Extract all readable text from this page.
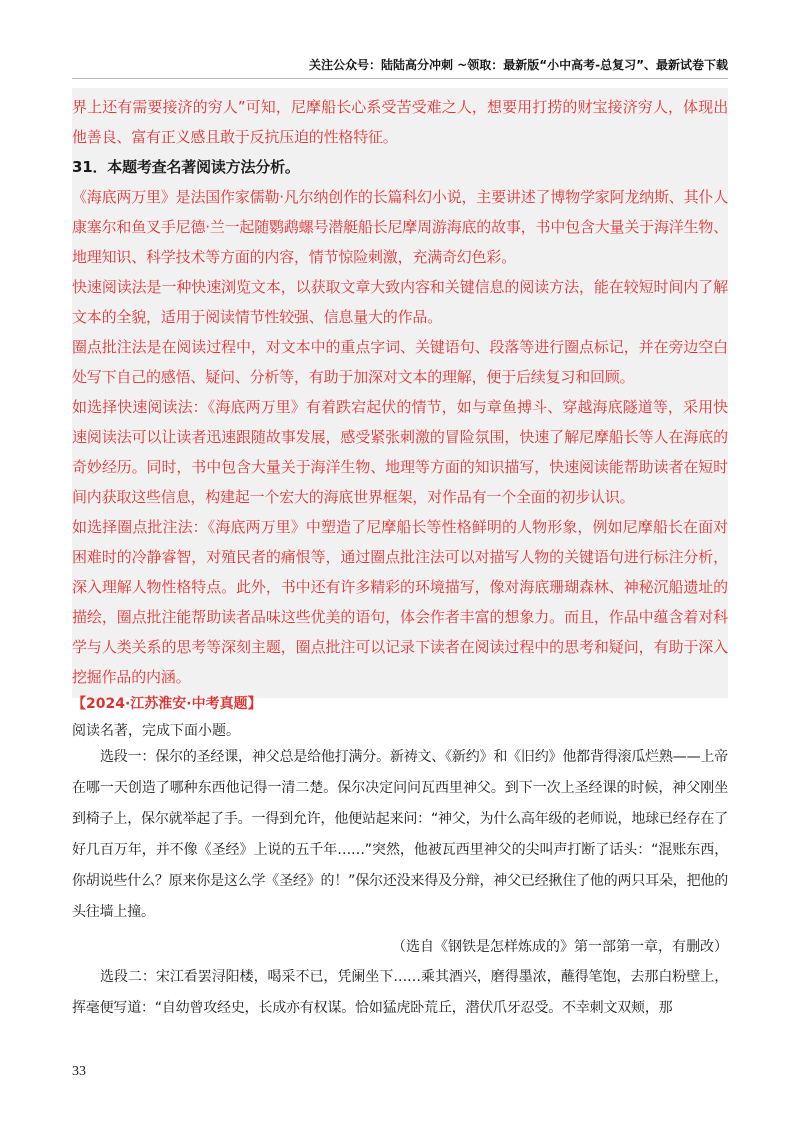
关注公众号：陆陆高分冲刺 ~领取：最新版“小中高考-总复习”、最新试卷下载

界上还有需要接济的穷人”可知，尼摩船长心系受苦受难之人，想要用打捞的财宝接济穷人，体现出他善良、富有正义感且敢于反抗压迫的性格特征。

31．本题考查名著阅读方法分析。

《海底两万里》是法国作家儒勒·凡尔纳创作的长篇科幻小说，主要讲述了博物学家阿龙纳斯、其仆人康塞尔和鱼叉手尼德·兰一起随鹦鹉螺号潜艇船长尼摩周游海底的故事，书中包含大量关于海洋生物、地理知识、科学技术等方面的内容，情节惊险刺激，充满奇幻色彩。

快速阅读法是一种快速浏览文本，以获取文章大致内容和关键信息的阅读方法，能在较短时间内了解文本的全貌，适用于阅读情节性较强、信息量大的作品。

圈点批注法是在阅读过程中，对文本中的重点字词、关键语句、段落等进行圈点标记，并在旁边空白处写下自己的感悟、疑问、分析等，有助于加深对文本的理解，便于后续复习和回顾。

如选择快速阅读法：《海底两万里》有着跌宕起伏的情节，如与章鱼搏斗、穿越海底隧道等，采用快速阅读法可以让读者迅速跟随故事发展，感受紧张刺激的冒险氛围，快速了解尼摩船长等人在海底的奇妙经历。同时，书中包含大量关于海洋生物、地理等方面的知识描写，快速阅读能帮助读者在短时间内获取这些信息，构建起一个宏大的海底世界框架，对作品有一个全面的初步认识。

如选择圈点批注法：《海底两万里》中塑造了尼摩船长等性格鲜明的人物形象，例如尼摩船长在面对困难时的冷静睿智，对殖民者的痛恨等，通过圈点批注法可以对描写人物的关键语句进行标注分析，深入理解人物性格特点。此外，书中还有许多精彩的环境描写，像对海底珊瑚森林、神秘沉船遗址的描绘，圈点批注能帮助读者品味这些优美的语句，体会作者丰富的想象力。而且，作品中蕴含着对科学与人类关系的思考等深刻主题，圈点批注可以记录下读者在阅读过程中的思考和疑问，有助于深入挖掘作品的内涵。

【2024·江苏淮安·中考真题】
阅读名著，完成下面小题。
选段一：保尔的圣经课，神父总是给他打满分。新祷文、《新约》和《旧约》他都背得滚瓜烂熟——上帝在哪一天创造了哪种东西他记得一清二楚。保尔决定问问瓦西里神父。到下一次上圣经课的时候，神父刚坐到椅子上，保尔就举起了手。一得到允许，他便站起来问：“神父，为什么高年级的老师说，地球已经存在了好几百万年，并不像《圣经》上说的五千年……”突然，他被瓦西里神父的尖叫声打断了话头：“混账东西，你胡说些什么？原来你是这么学《圣经》的！”保尔还没来得及分辩，神父已经揪住了他的两只耳朵，把他的头往墙上撞。
（选自《钢铁是怎样炼成的》第一部第一章，有删改）
选段二：宋江看罢浔阳楼，喝采不已，凭阑坐下……乘其酒兴，磨得墨浓，蘸得笔饱，去那白粉壁上，挥毫便写道：“自幼曾攻经史，长成亦有权谋。恰如猛虎卧荒丘，潜伏爪牙忍受。不幸刺文双颊，那
33
